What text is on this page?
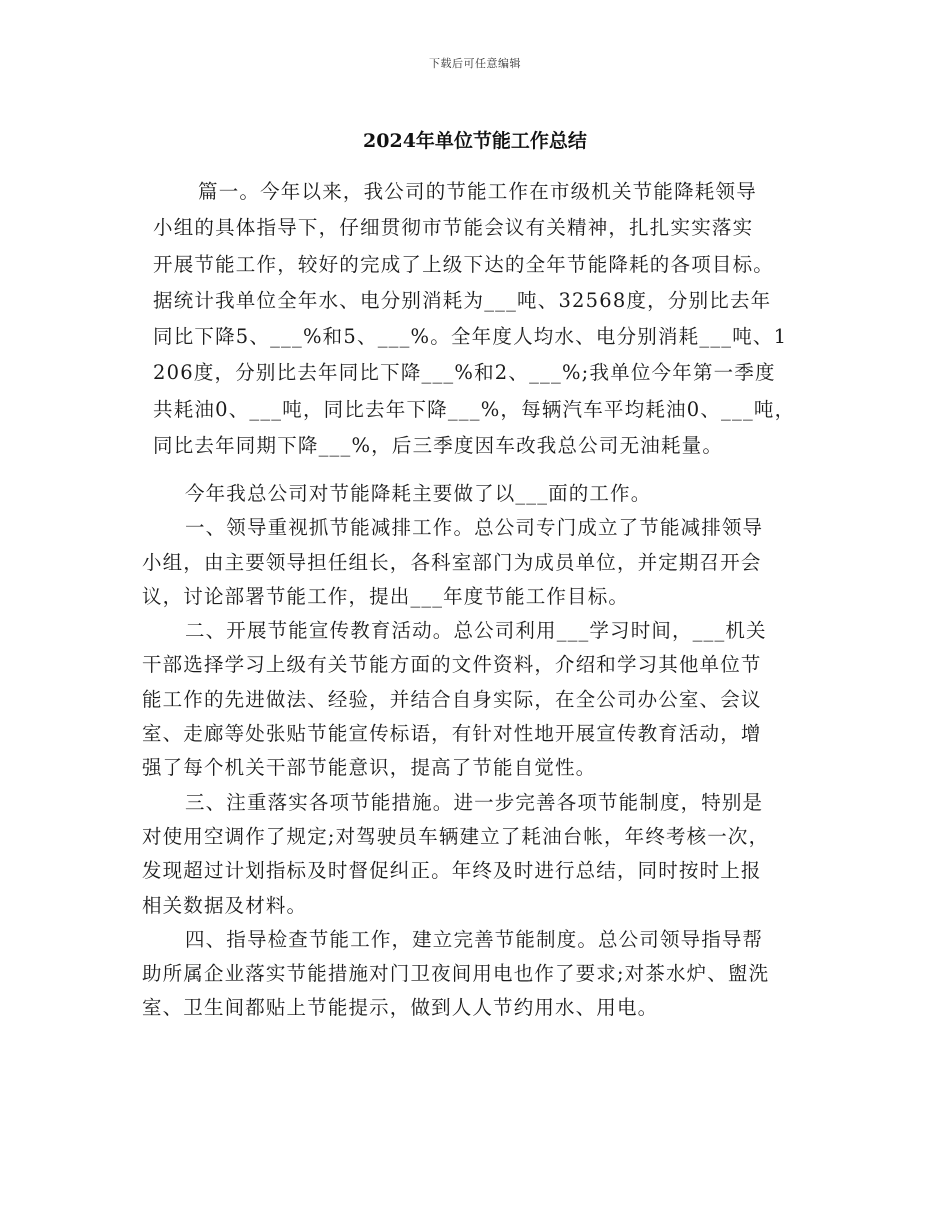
下载后可任意编辑
2024年单位节能工作总结
篇一。今年以来，我公司的节能工作在市级机关节能降耗领导
小组的具体指导下，仔细贯彻市节能会议有关精神，扎扎实实落实
开展节能工作，较好的完成了上级下达的全年节能降耗的各项目标。
据统计我单位全年水、电分别消耗为___吨、32568度，分别比去年
同比下降5、___%和5、___%。全年度人均水、电分别消耗___吨、1
206度，分别比去年同比下降___%和2、___%;我单位今年第一季度
共耗油0、___吨，同比去年下降___%，每辆汽车平均耗油0、___吨，
同比去年同期下降___%，后三季度因车改我总公司无油耗量。
今年我总公司对节能降耗主要做了以___面的工作。
一、领导重视抓节能减排工作。总公司专门成立了节能减排领导
小组，由主要领导担任组长，各科室部门为成员单位，并定期召开会
议，讨论部署节能工作，提出___年度节能工作目标。
二、开展节能宣传教育活动。总公司利用___学习时间，___机关
干部选择学习上级有关节能方面的文件资料，介绍和学习其他单位节
能工作的先进做法、经验，并结合自身实际，在全公司办公室、会议
室、走廊等处张贴节能宣传标语，有针对性地开展宣传教育活动，增
强了每个机关干部节能意识，提高了节能自觉性。
三、注重落实各项节能措施。进一步完善各项节能制度，特别是
对使用空调作了规定;对驾驶员车辆建立了耗油台帐，年终考核一次，
发现超过计划指标及时督促纠正。年终及时进行总结，同时按时上报
相关数据及材料。
四、指导检查节能工作，建立完善节能制度。总公司领导指导帮
助所属企业落实节能措施对门卫夜间用电也作了要求;对茶水炉、盥洗
室、卫生间都贴上节能提示，做到人人节约用水、用电。
